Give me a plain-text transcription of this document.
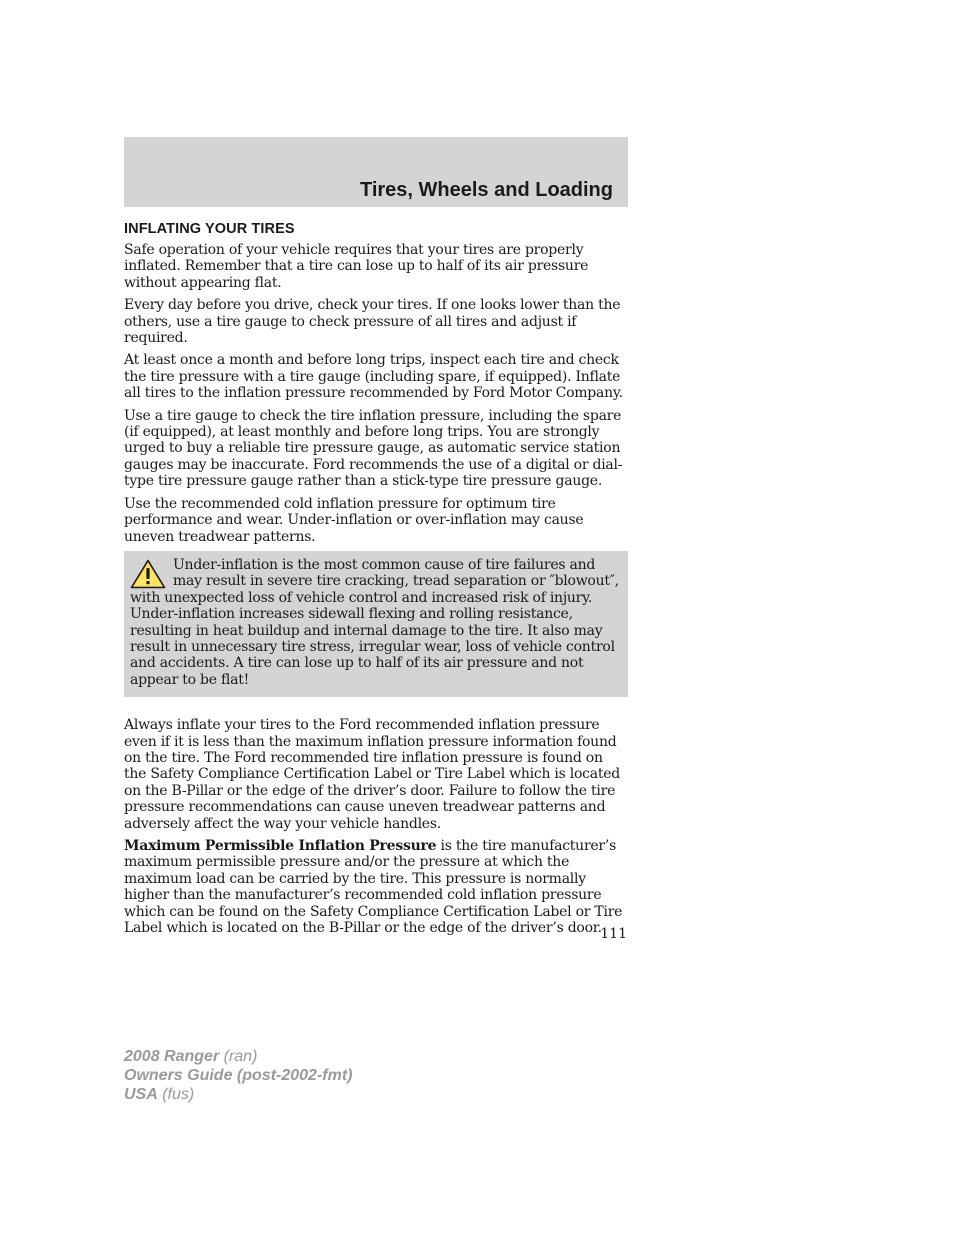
Tires, Wheels and Loading
INFLATING YOUR TIRES

Safe operation of your vehicle requires that your tires are properly inflated. Remember that a tire can lose up to half of its air pressure without appearing flat.

Every day before you drive, check your tires. If one looks lower than the others, use a tire gauge to check pressure of all tires and adjust if required.

At least once a month and before long trips, inspect each tire and check the tire pressure with a tire gauge (including spare, if equipped). Inflate all tires to the inflation pressure recommended by Ford Motor Company.

Use a tire gauge to check the tire inflation pressure, including the spare (if equipped), at least monthly and before long trips. You are strongly urged to buy a reliable tire pressure gauge, as automatic service station gauges may be inaccurate. Ford recommends the use of a digital or dial-type tire pressure gauge rather than a stick-type tire pressure gauge.

Use the recommended cold inflation pressure for optimum tire performance and wear. Under-inflation or over-inflation may cause uneven treadwear patterns.

Under-inflation is the most common cause of tire failures and may result in severe tire cracking, tread separation or ″blowout″, with unexpected loss of vehicle control and increased risk of injury. Under-inflation increases sidewall flexing and rolling resistance, resulting in heat buildup and internal damage to the tire. It also may result in unnecessary tire stress, irregular wear, loss of vehicle control and accidents. A tire can lose up to half of its air pressure and not appear to be flat!

Always inflate your tires to the Ford recommended inflation pressure even if it is less than the maximum inflation pressure information found on the tire. The Ford recommended tire inflation pressure is found on the Safety Compliance Certification Label or Tire Label which is located on the B-Pillar or the edge of the driver’s door. Failure to follow the tire pressure recommendations can cause uneven treadwear patterns and adversely affect the way your vehicle handles.

Maximum Permissible Inflation Pressure is the tire manufacturer’s maximum permissible pressure and/or the pressure at which the maximum load can be carried by the tire. This pressure is normally higher than the manufacturer’s recommended cold inflation pressure which can be found on the Safety Compliance Certification Label or Tire Label which is located on the B-Pillar or the edge of the driver’s door.

111
2008 Ranger (ran)
Owners Guide (post-2002-fmt)
USA (fus)
